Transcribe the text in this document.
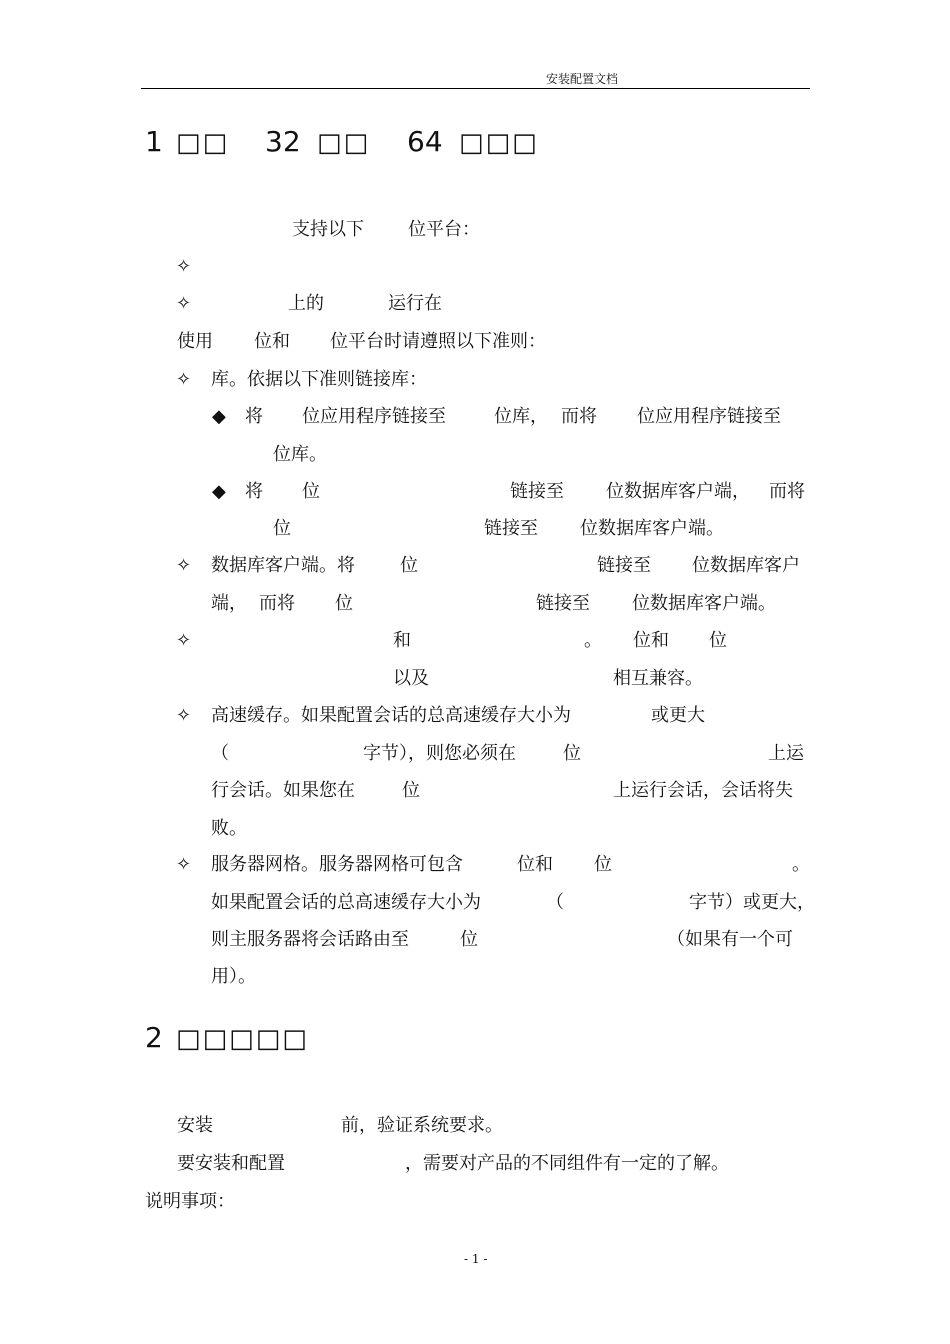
安装配置文档
1 □□ 32 □□ 64 □□□
支持以下 位平台：
✧
✧	上的	运行在
使用 位和 位平台时请遵照以下准则：
✧ 库。依据以下准则链接库：
◆ 将 位应用程序链接至	位库， 而将 位应用程序链接至
位库。
◆ 将 位	链接至 位数据库客户端， 而将
位	链接至 位数据库客户端。
✧ 数据库客户端。将	位	链接至 位数据库客户
端， 而将 位	链接至 位数据库客户端。
✧	和	。 位和 位
以及	相互兼容。
✧ 高速缓存。如果配置会话的总高速缓存大小为	或更大
（	字节），则您必须在	位	上运
行会话。如果您在	位	上运行会话，会话将失
败。
✧ 服务器网格。服务器网格可包含	位和 位	。
如果配置会话的总高速缓存大小为	（	字节）或更大，
则主服务器将会话路由至	位	（如果有一个可
用）。
2 □□□□□
安装	前，验证系统要求。
要安装和配置	，需要对产品的不同组件有一定的了解。
说明事项：
- 1 -
